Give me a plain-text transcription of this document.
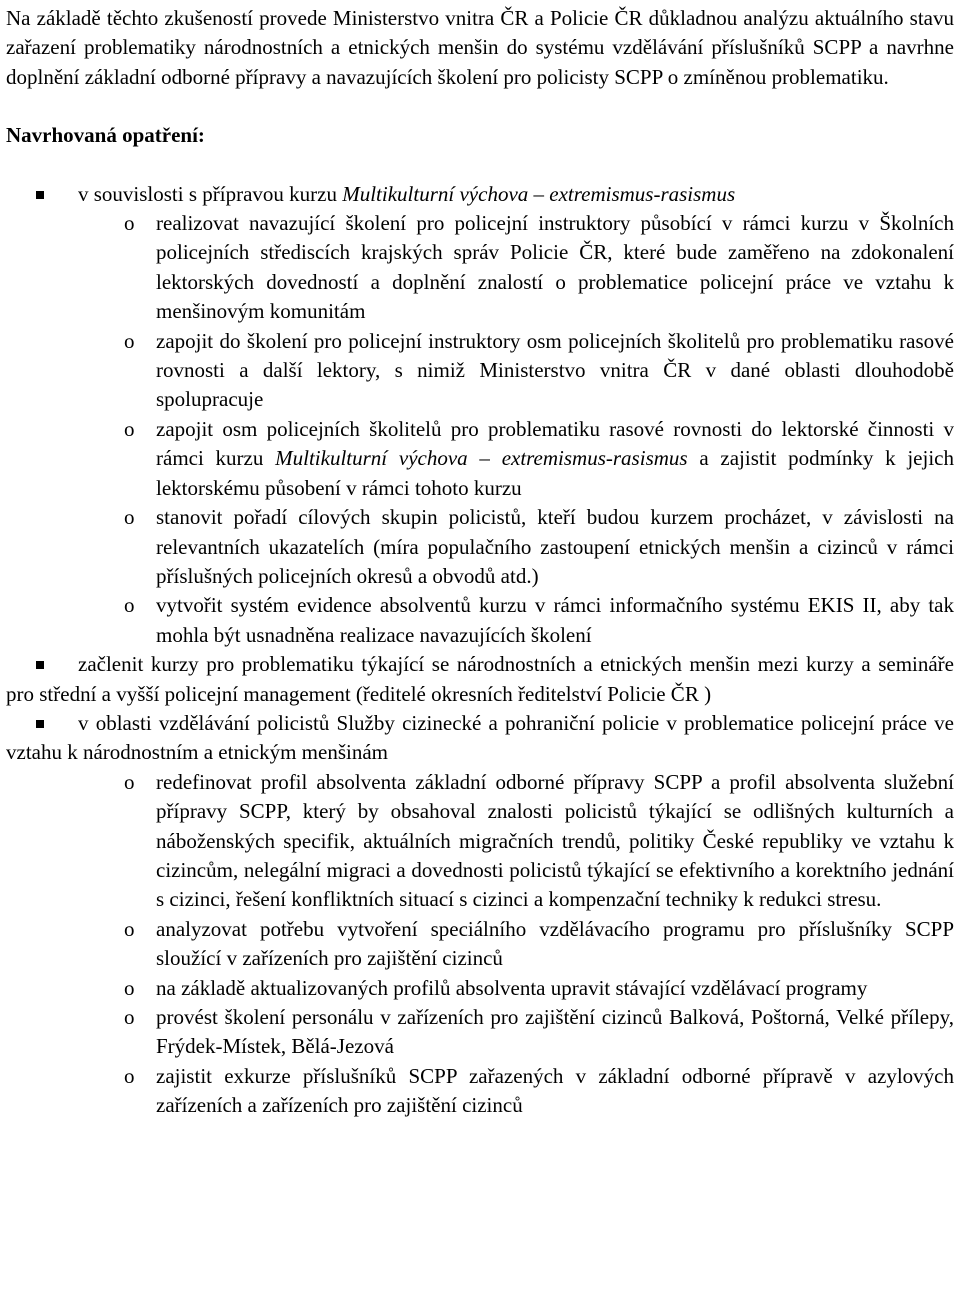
Na základě těchto zkušeností provede Ministerstvo vnitra ČR a Policie ČR důkladnou analýzu aktuálního stavu zařazení problematiky národnostních a etnických menšin do systému vzdělávání příslušníků SCPP a navrhne doplnění základní odborné přípravy a navazujících školení pro policisty SCPP o zmíněnou problematiku.

Navrhovaná opatření:

v souvislosti s přípravou kurzu Multikulturní výchova – extremismus-rasismus
o realizovat navazující školení pro policejní instruktory působící v rámci kurzu v Školních policejních střediscích krajských správ Policie ČR, které bude zaměřeno na zdokonalení lektorských dovedností a doplnění znalostí o problematice policejní práce ve vztahu k menšinovým komunitám
o zapojit do školení pro policejní instruktory osm policejních školitelů pro problematiku rasové rovnosti a další lektory, s nimiž Ministerstvo vnitra ČR v dané oblasti dlouhodobě spolupracuje
o zapojit osm policejních školitelů pro problematiku rasové rovnosti do lektorské činnosti v rámci kurzu Multikulturní výchova – extremismus-rasismus a zajistit podmínky k jejich lektorskému působení v rámci tohoto kurzu
o stanovit pořadí cílových skupin policistů, kteří budou kurzem procházet, v závislosti na relevantních ukazatelích (míra populačního zastoupení etnických menšin a cizinců v rámci příslušných policejních okresů a obvodů atd.)
o vytvořit systém evidence absolventů kurzu v rámci informačního systému EKIS II, aby tak mohla být usnadněna realizace navazujících školení
začlenit kurzy pro problematiku týkající se národnostních a etnických menšin mezi kurzy a semináře pro střední a vyšší policejní management (ředitelé okresních ředitelství Policie ČR )
v oblasti vzdělávání policistů Služby cizinecké a pohraniční policie v problematice policejní práce ve vztahu k národnostním a etnickým menšinám
o redefinovat profil absolventa základní odborné přípravy SCPP a profil absolventa služební přípravy SCPP, který by obsahoval znalosti policistů týkající se odlišných kulturních a náboženských specifik, aktuálních migračních trendů, politiky České republiky ve vztahu k cizincům, nelegální migraci a dovednosti policistů týkající se efektivního a korektního jednání s cizinci, řešení konfliktních situací s cizinci a kompenzační techniky k redukci stresu.
o analyzovat potřebu vytvoření speciálního vzdělávacího programu pro příslušníky SCPP sloužící v zařízeních pro zajištění cizinců
o na základě aktualizovaných profilů absolventa upravit stávající vzdělávací programy
o provést školení personálu v zařízeních pro zajištění cizinců Balková, Poštorná, Velké přílepy, Frýdek-Místek, Bělá-Jezová
o zajistit exkurze příslušníků SCPP zařazených v základní odborné přípravě v azylových zařízeních a zařízeních pro zajištění cizinců
